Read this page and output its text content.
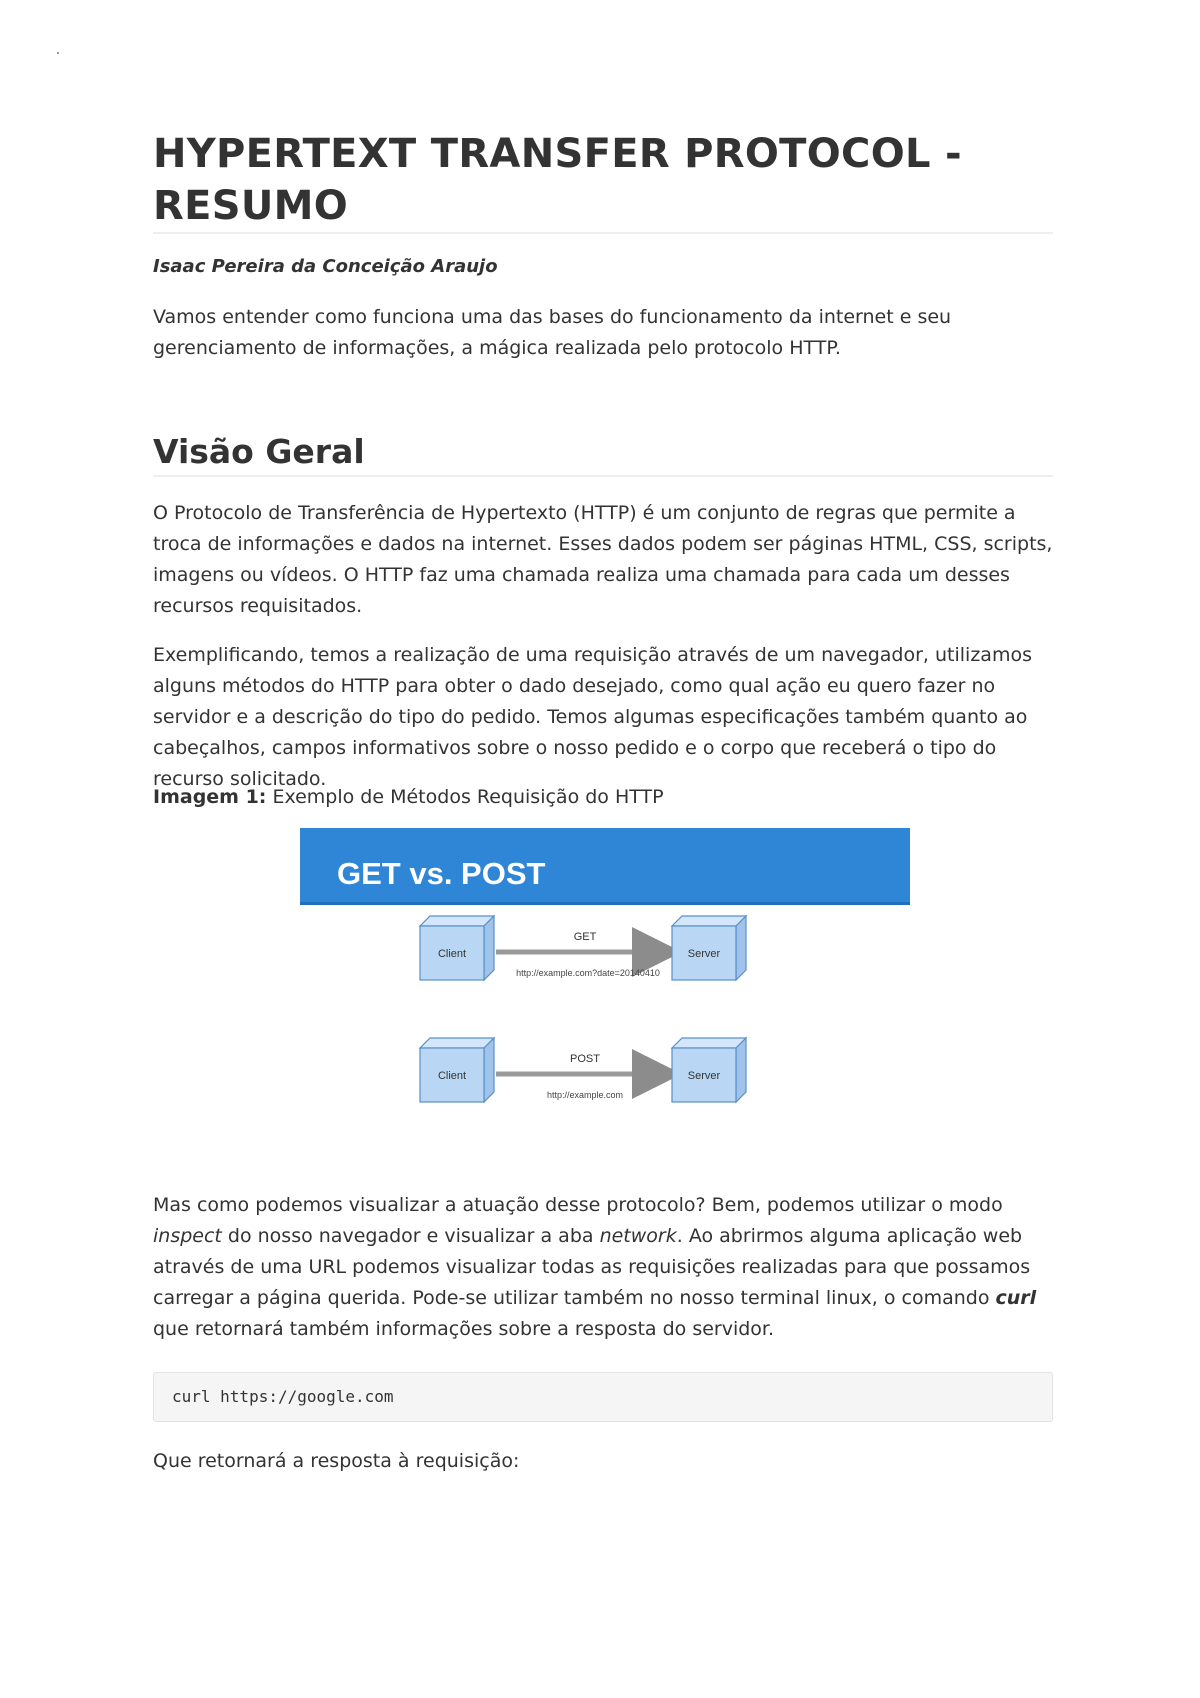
HYPERTEXT TRANSFER PROTOCOL - RESUMO
Isaac Pereira da Conceição Araujo

Vamos entender como funciona uma das bases do funcionamento da internet e seu gerenciamento de informações, a mágica realizada pelo protocolo HTTP.

Visão Geral

O Protocolo de Transferência de Hypertexto (HTTP) é um conjunto de regras que permite a troca de informações e dados na internet. Esses dados podem ser páginas HTML, CSS, scripts, imagens ou vídeos. O HTTP faz uma chamada realiza uma chamada para cada um desses recursos requisitados.

Exemplificando, temos a realização de uma requisição através de um navegador, utilizamos alguns métodos do HTTP para obter o dado desejado, como qual ação eu quero fazer no servidor e a descrição do tipo do pedido. Temos algumas especificações também quanto ao cabeçalhos, campos informativos sobre o nosso pedido e o corpo que receberá o tipo do recurso solicitado.

Imagem 1: Exemplo de Métodos Requisição do HTTP

GET vs. POST
Client
GET
http://example.com?date=20140410
Server
Client
POST
http://example.com
Server

Mas como podemos visualizar a atuação desse protocolo? Bem, podemos utilizar o modo inspect do nosso navegador e visualizar a aba network. Ao abrirmos alguma aplicação web através de uma URL podemos visualizar todas as requisições realizadas para que possamos carregar a página querida. Pode-se utilizar também no nosso terminal linux, o comando curl que retornará também informações sobre a resposta do servidor.

curl https://google.com

Que retornará a resposta à requisição:
